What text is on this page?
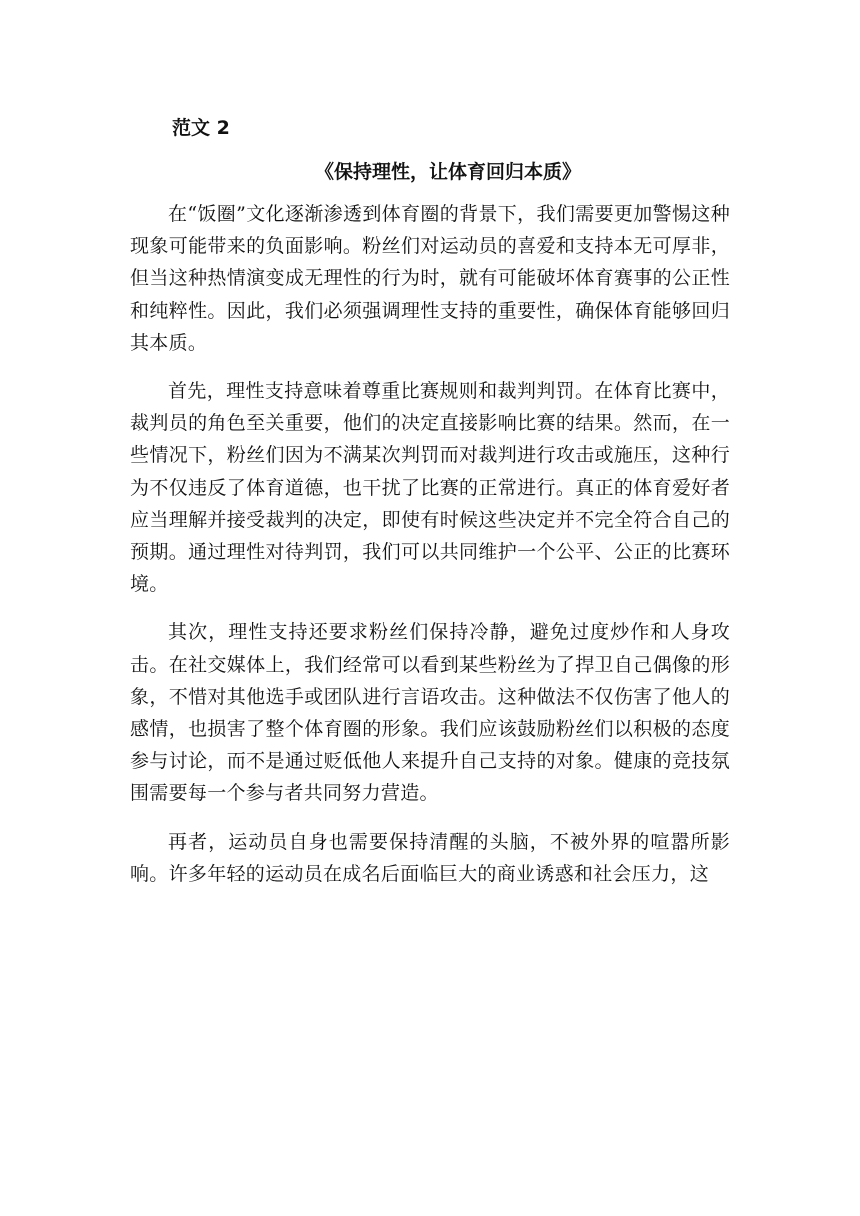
范文 2
《保持理性，让体育回归本质》

在“饭圈”文化逐渐渗透到体育圈的背景下，我们需要更加警惕这种现象可能带来的负面影响。粉丝们对运动员的喜爱和支持本无可厚非，但当这种热情演变成无理性的行为时，就有可能破坏体育赛事的公正性和纯粹性。因此，我们必须强调理性支持的重要性，确保体育能够回归其本质。

首先，理性支持意味着尊重比赛规则和裁判判罚。在体育比赛中，裁判员的角色至关重要，他们的决定直接影响比赛的结果。然而，在一些情况下，粉丝们因为不满某次判罚而对裁判进行攻击或施压，这种行为不仅违反了体育道德，也干扰了比赛的正常进行。真正的体育爱好者应当理解并接受裁判的决定，即使有时候这些决定并不完全符合自己的预期。通过理性对待判罚，我们可以共同维护一个公平、公正的比赛环境。

其次，理性支持还要求粉丝们保持冷静，避免过度炒作和人身攻击。在社交媒体上，我们经常可以看到某些粉丝为了捍卫自己偶像的形象，不惜对其他选手或团队进行言语攻击。这种做法不仅伤害了他人的感情，也损害了整个体育圈的形象。我们应该鼓励粉丝们以积极的态度参与讨论，而不是通过贬低他人来提升自己支持的对象。健康的竞技氛围需要每一个参与者共同努力营造。

再者，运动员自身也需要保持清醒的头脑，不被外界的喧嚣所影响。许多年轻的运动员在成名后面临巨大的商业诱惑和社会压力，这
